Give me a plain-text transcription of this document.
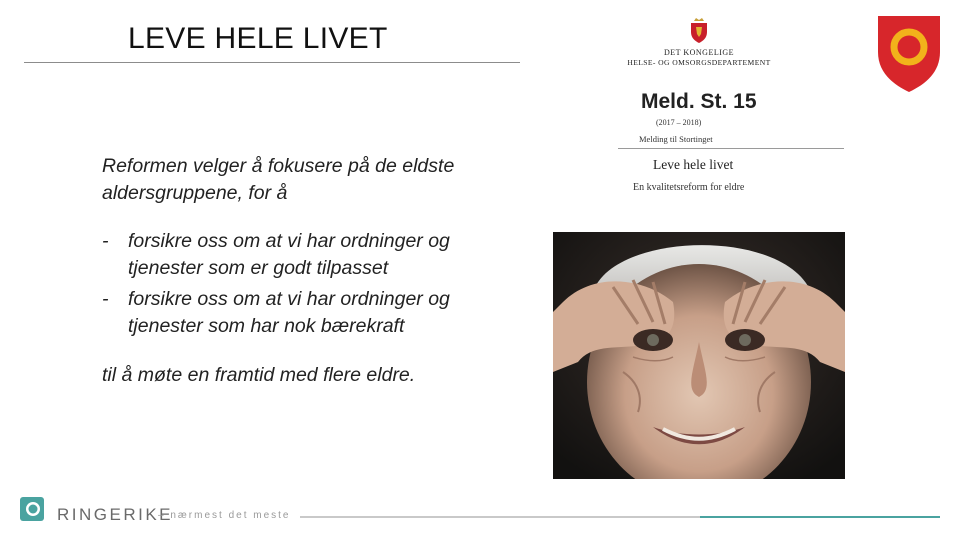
LEVE HELE LIVET
Reformen velger å fokusere på de eldste aldersgruppene, for å
- forsikre oss om at vi har ordninger og tjenester som er godt tilpasset
- forsikre oss om at vi har ordninger og tjenester som har nok bærekraft
til å møte en framtid med flere eldre.
DET KONGELIGE
HELSE- OG OMSORGSDEPARTEMENT
Meld. St. 15
(2017 – 2018)
Melding til Stortinget
Leve hele livet
En kvalitetsreform for eldre
RINGERIKE
– nærmest det meste
